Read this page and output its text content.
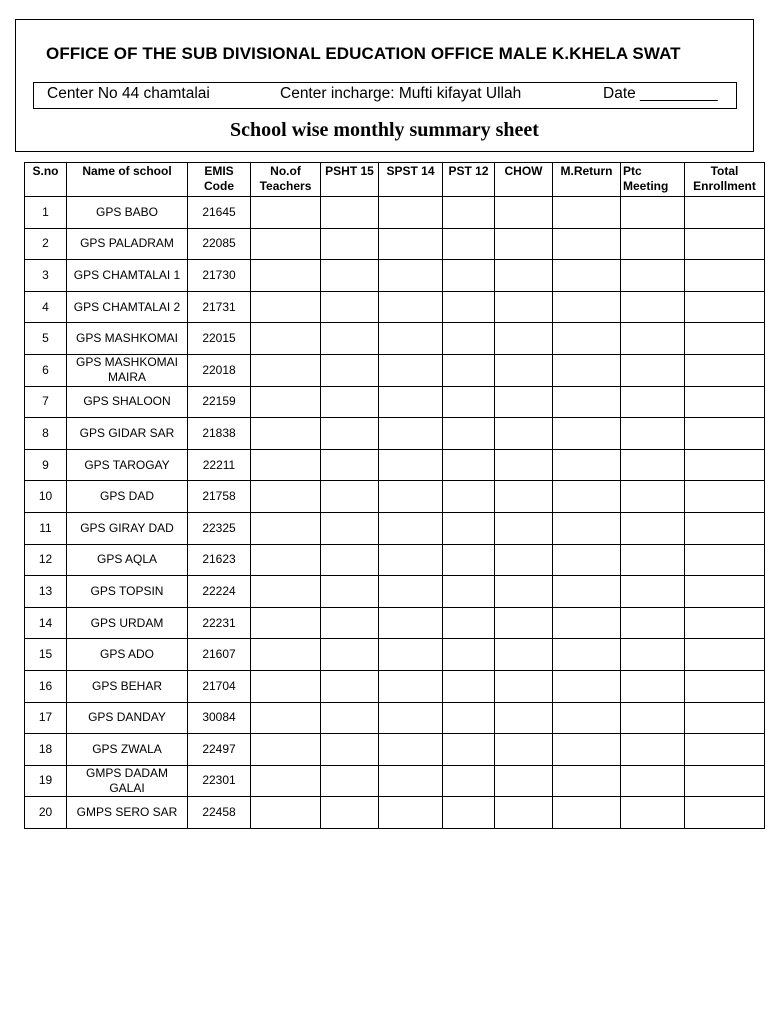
OFFICE OF THE SUB DIVISIONAL EDUCATION OFFICE MALE K.KHELA SWAT
Center No 44 chamtalai	Center incharge: Mufti kifayat Ullah	Date _________
School wise monthly summary sheet
S.no	Name of school	EMIS Code	No.of Teachers	PSHT 15	SPST 14	PST 12	CHOW	M.Return	Ptc Meeting	Total Enrollment
1	GPS BABO	21645								
2	GPS PALADRAM	22085								
3	GPS CHAMTALAI 1	21730								
4	GPS CHAMTALAI 2	21731								
5	GPS MASHKOMAI	22015								
6	GPS MASHKOMAI MAIRA	22018								
7	GPS SHALOON	22159								
8	GPS GIDAR SAR	21838								
9	GPS TAROGAY	22211								
10	GPS DAD	21758								
11	GPS GIRAY DAD	22325								
12	GPS AQLA	21623								
13	GPS TOPSIN	22224								
14	GPS URDAM	22231								
15	GPS ADO	21607								
16	GPS BEHAR	21704								
17	GPS DANDAY	30084								
18	GPS ZWALA	22497								
19	GMPS DADAM GALAI	22301								
20	GMPS SERO SAR	22458								
